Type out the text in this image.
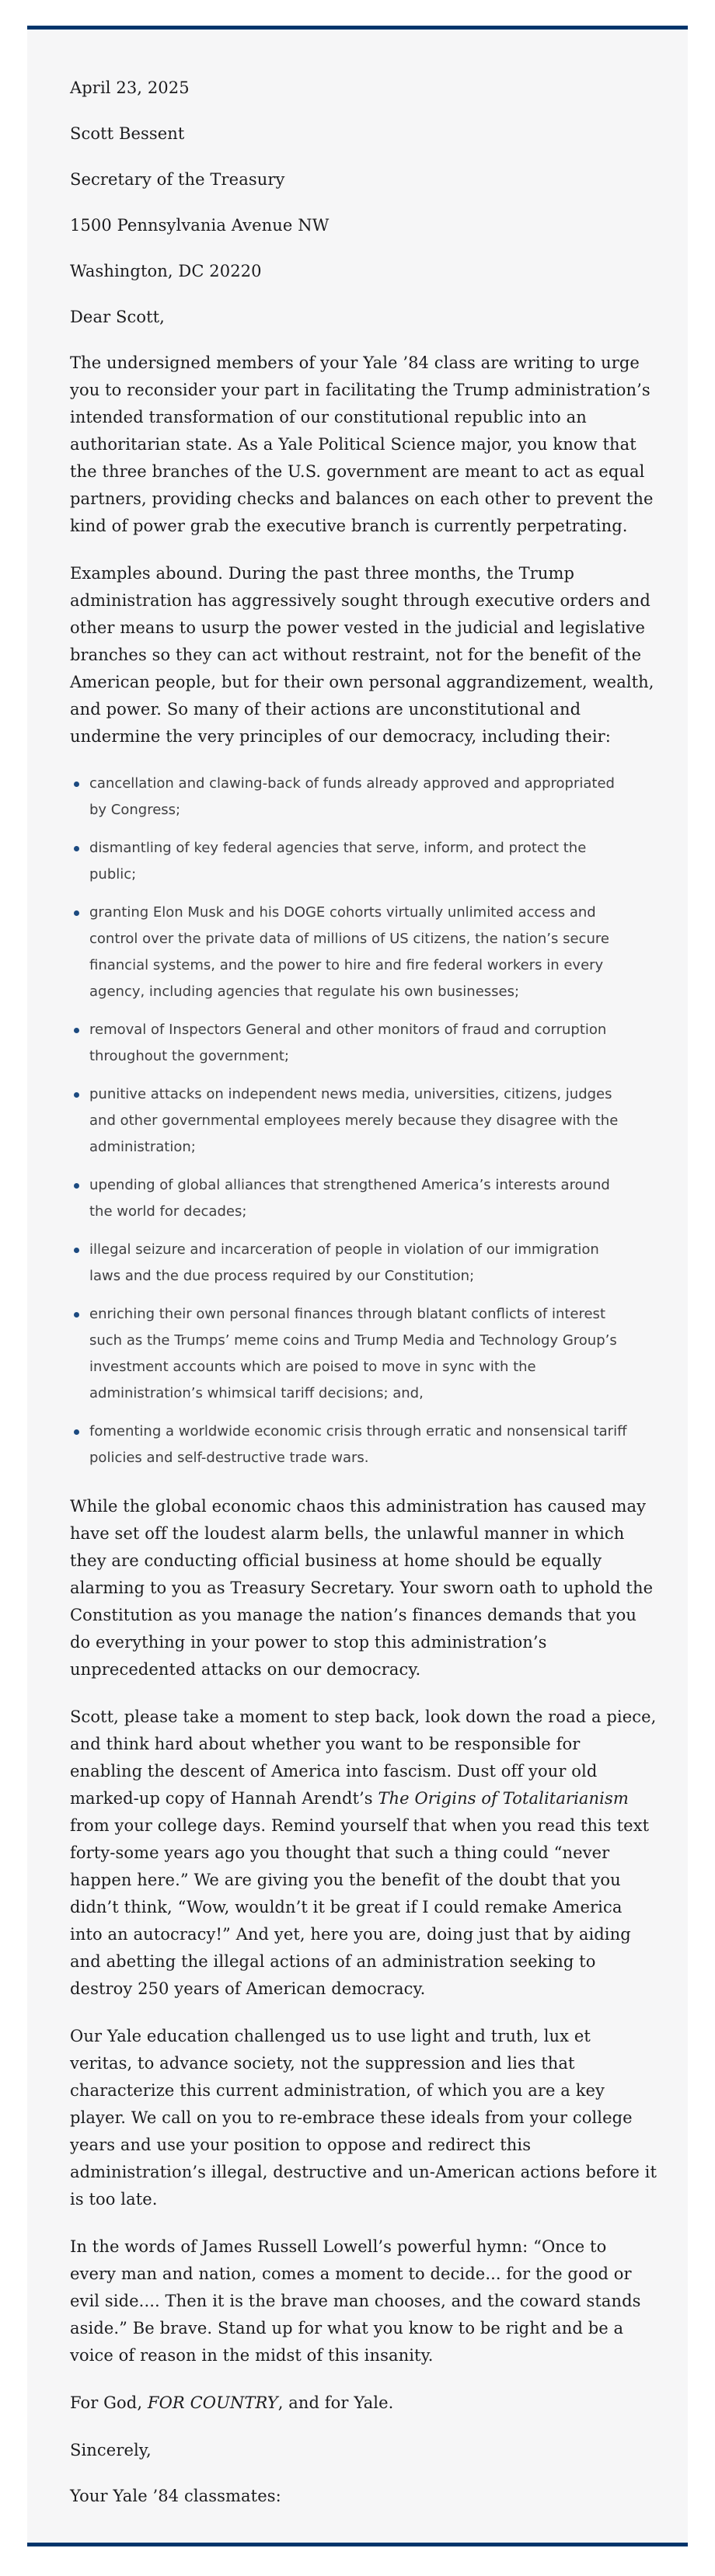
April 23, 2025

Scott Bessent

Secretary of the Treasury

1500 Pennsylvania Avenue NW

Washington, DC 20220

Dear Scott,

The undersigned members of your Yale ’84 class are writing to urge you to reconsider your part in facilitating the Trump administration’s intended transformation of our constitutional republic into an authoritarian state. As a Yale Political Science major, you know that the three branches of the U.S. government are meant to act as equal partners, providing checks and balances on each other to prevent the kind of power grab the executive branch is currently perpetrating.

Examples abound. During the past three months, the Trump administration has aggressively sought through executive orders and other means to usurp the power vested in the judicial and legislative branches so they can act without restraint, not for the benefit of the American people, but for their own personal aggrandizement, wealth, and power. So many of their actions are unconstitutional and undermine the very principles of our democracy, including their:

cancellation and clawing-back of funds already approved and appropriated by Congress;
dismantling of key federal agencies that serve, inform, and protect the public;
granting Elon Musk and his DOGE cohorts virtually unlimited access and control over the private data of millions of US citizens, the nation’s secure financial systems, and the power to hire and fire federal workers in every agency, including agencies that regulate his own businesses;
removal of Inspectors General and other monitors of fraud and corruption throughout the government;
punitive attacks on independent news media, universities, citizens, judges and other governmental employees merely because they disagree with the administration;
upending of global alliances that strengthened America’s interests around the world for decades;
illegal seizure and incarceration of people in violation of our immigration laws and the due process required by our Constitution;
enriching their own personal finances through blatant conflicts of interest such as the Trumps’ meme coins and Trump Media and Technology Group’s investment accounts which are poised to move in sync with the administration’s whimsical tariff decisions; and,
fomenting a worldwide economic crisis through erratic and nonsensical tariff policies and self-destructive trade wars.

While the global economic chaos this administration has caused may have set off the loudest alarm bells, the unlawful manner in which they are conducting official business at home should be equally alarming to you as Treasury Secretary. Your sworn oath to uphold the Constitution as you manage the nation’s finances demands that you do everything in your power to stop this administration’s unprecedented attacks on our democracy.

Scott, please take a moment to step back, look down the road a piece, and think hard about whether you want to be responsible for enabling the descent of America into fascism. Dust off your old marked-up copy of Hannah Arendt’s The Origins of Totalitarianism from your college days. Remind yourself that when you read this text forty-some years ago you thought that such a thing could “never happen here.” We are giving you the benefit of the doubt that you didn’t think, “Wow, wouldn’t it be great if I could remake America into an autocracy!” And yet, here you are, doing just that by aiding and abetting the illegal actions of an administration seeking to destroy 250 years of American democracy.

Our Yale education challenged us to use light and truth, lux et veritas, to advance society, not the suppression and lies that characterize this current administration, of which you are a key player. We call on you to re-embrace these ideals from your college years and use your position to oppose and redirect this administration’s illegal, destructive and un-American actions before it is too late.

In the words of James Russell Lowell’s powerful hymn: “Once to every man and nation, comes a moment to decide... for the good or evil side.... Then it is the brave man chooses, and the coward stands aside.” Be brave. Stand up for what you know to be right and be a voice of reason in the midst of this insanity.

For God, FOR COUNTRY, and for Yale.

Sincerely,

Your Yale ’84 classmates:
